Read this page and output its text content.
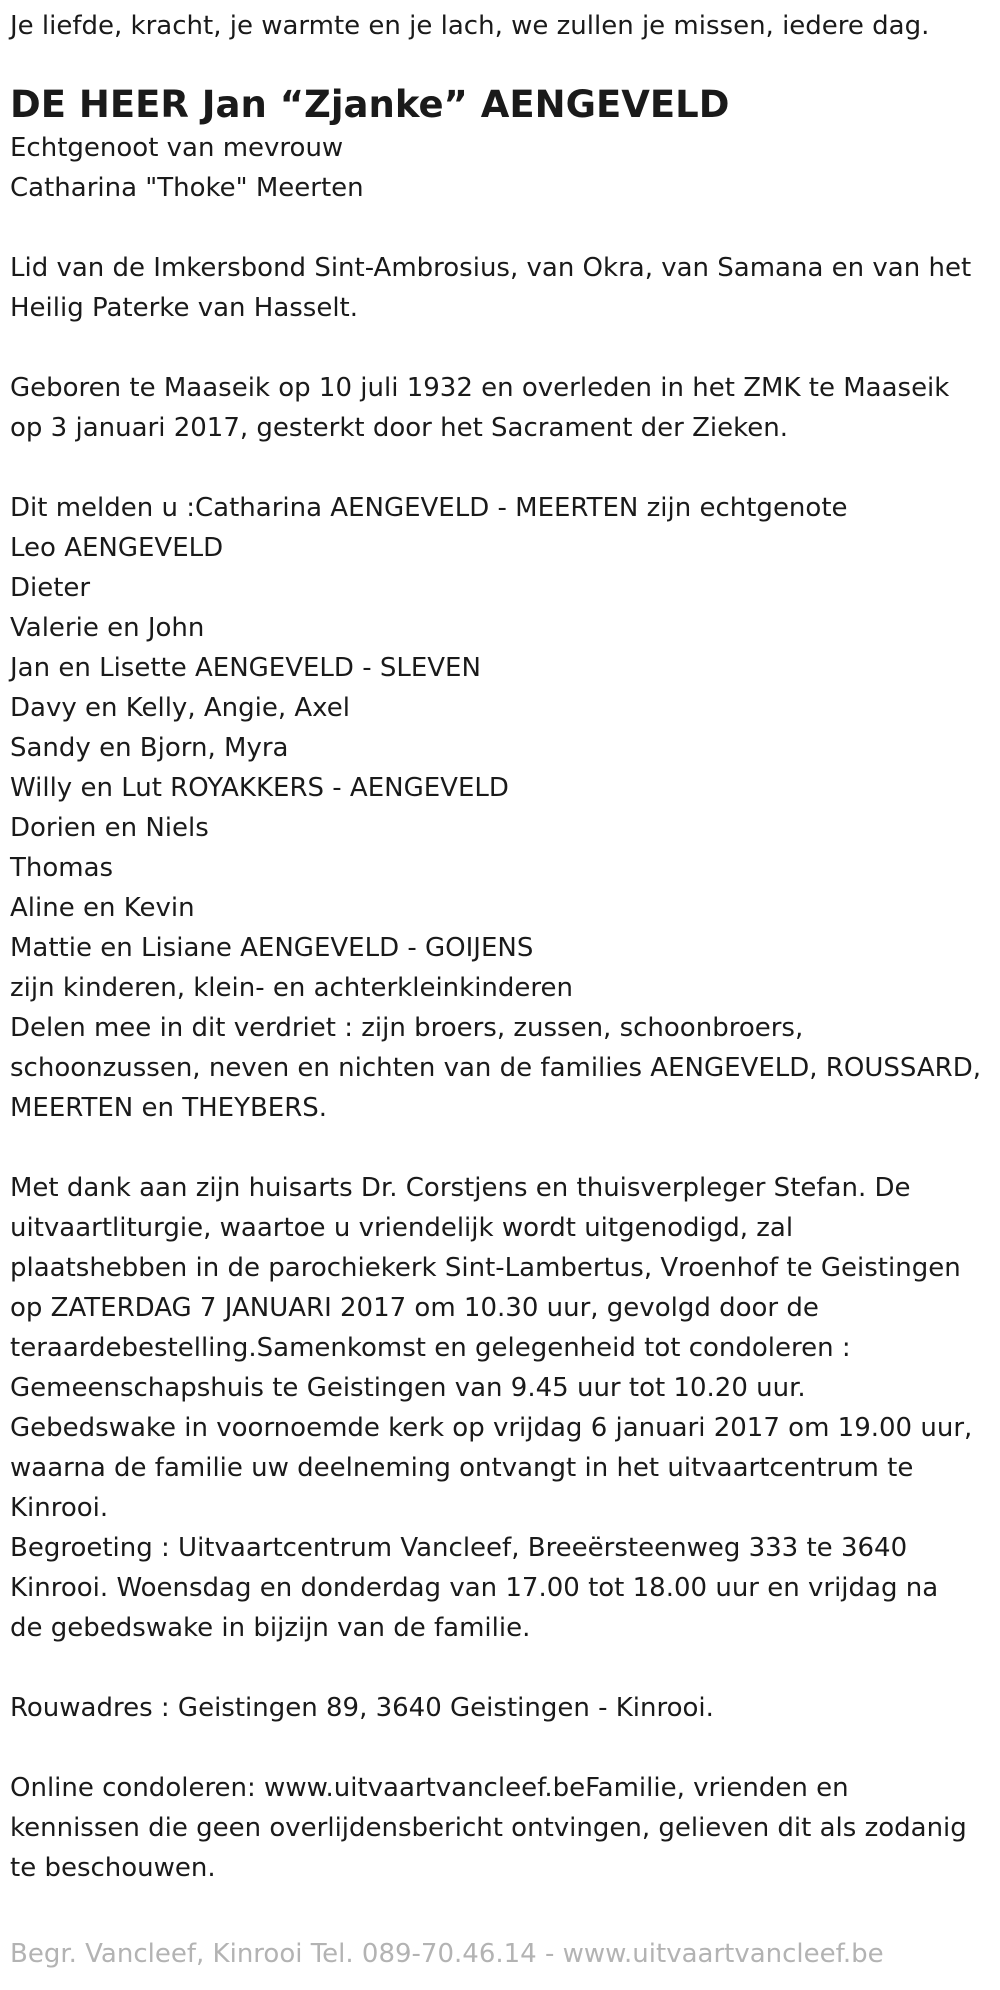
Je liefde, kracht, je warmte en je lach, we zullen je missen, iedere dag.

DE HEER Jan “Zjanke” AENGEVELD

Echtgenoot van mevrouw

Catharina "Thoke" Meerten

Lid van de Imkersbond Sint-Ambrosius, van Okra, van Samana en van het

Heilig Paterke van Hasselt.

Geboren te Maaseik op 10 juli 1932 en overleden in het ZMK te Maaseik

op 3 januari 2017, gesterkt door het Sacrament der Zieken.

Dit melden u :Catharina AENGEVELD - MEERTEN zijn echtgenote

Leo AENGEVELD

Dieter

Valerie en John

Jan en Lisette AENGEVELD - SLEVEN

Davy en Kelly, Angie, Axel

Sandy en Bjorn, Myra

Willy en Lut ROYAKKERS - AENGEVELD

Dorien en Niels

Thomas

Aline en Kevin

Mattie en Lisiane AENGEVELD - GOIJENS

zijn kinderen, klein- en achterkleinkinderen

Delen mee in dit verdriet : zijn broers, zussen, schoonbroers,

schoonzussen, neven en nichten van de families AENGEVELD, ROUSSARD,

MEERTEN en THEYBERS.

Met dank aan zijn huisarts Dr. Corstjens en thuisverpleger Stefan. De

uitvaartliturgie, waartoe u vriendelijk wordt uitgenodigd, zal

plaatshebben in de parochiekerk Sint-Lambertus, Vroenhof te Geistingen

op ZATERDAG 7 JANUARI 2017 om 10.30 uur, gevolgd door de

teraardebestelling.Samenkomst en gelegenheid tot condoleren :

Gemeenschapshuis te Geistingen van 9.45 uur tot 10.20 uur.

Gebedswake in voornoemde kerk op vrijdag 6 januari 2017 om 19.00 uur,

waarna de familie uw deelneming ontvangt in het uitvaartcentrum te

Kinrooi.

Begroeting : Uitvaartcentrum Vancleef, Breeërsteenweg 333 te 3640

Kinrooi. Woensdag en donderdag van 17.00 tot 18.00 uur en vrijdag na

de gebedswake in bijzijn van de familie.

Rouwadres : Geistingen 89, 3640 Geistingen - Kinrooi.

Online condoleren: www.uitvaartvancleef.beFamilie, vrienden en

kennissen die geen overlijdensbericht ontvingen, gelieven dit als zodanig

te beschouwen.

Begr. Vancleef, Kinrooi Tel. 089-70.46.14 - www.uitvaartvancleef.be
